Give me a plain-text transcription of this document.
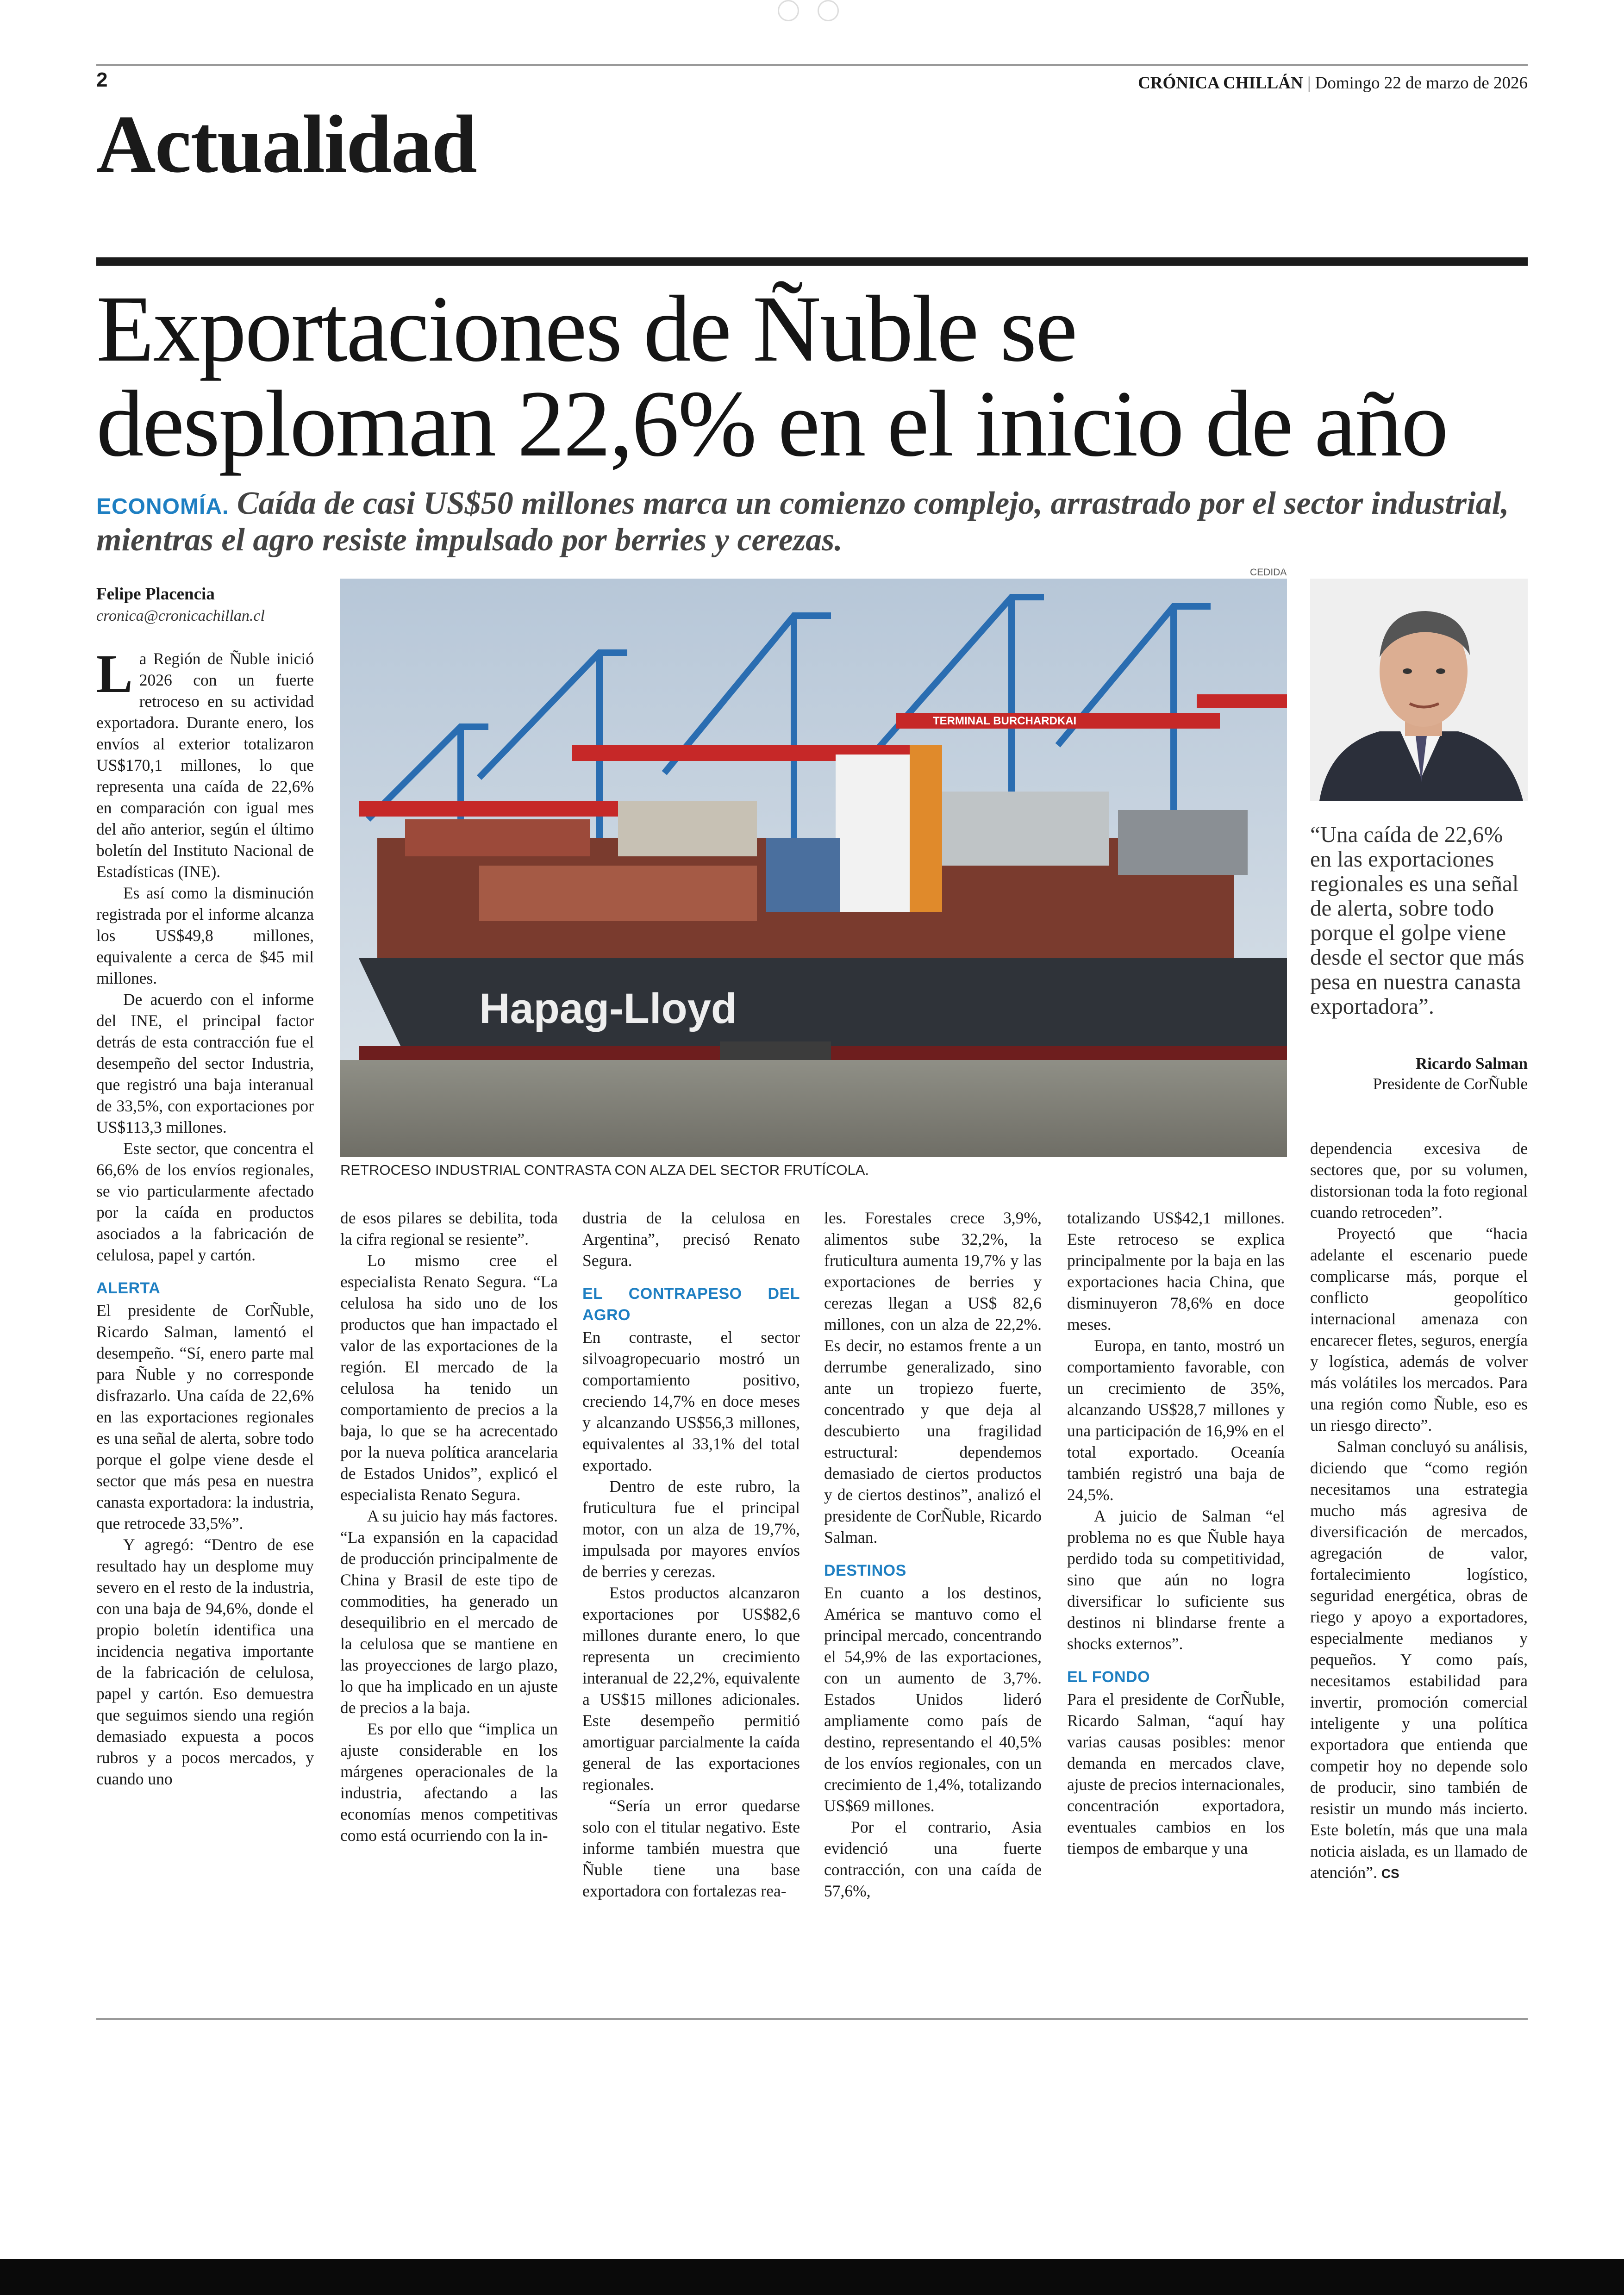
2	CRÓNICA CHILLÁN | Domingo 22 de marzo de 2026
Actualidad
Exportaciones de Ñuble se
desploman 22,6% en el inicio de año
ECONOMÍA. Caída de casi US$50 millones marca un comienzo complejo, arrastrado por el sector industrial, mientras el agro resiste impulsado por berries y cerezas.
Felipe Placencia
cronica@cronicachillan.cl
CEDIDA
TERMINAL BURCHARDKAI
Hapag-Lloyd
RETROCESO INDUSTRIAL CONTRASTA CON ALZA DEL SECTOR FRUTÍCOLA.
“Una caída de 22,6% en las exportaciones regionales es una señal de alerta, sobre todo porque el golpe viene desde el sector que más pesa en nuestra canasta exportadora”.
Ricardo Salman
Presidente de CorÑuble

La Región de Ñuble inició 2026 con un fuerte retroceso en su actividad exportadora. Durante enero, los envíos al exterior totalizaron US$170,1 millones, lo que representa una caída de 22,6% en comparación con igual mes del año anterior, según el último boletín del Instituto Nacional de Estadísticas (INE).

Es así como la disminución registrada por el informe alcanza los US$49,8 millones, equivalente a cerca de $45 mil millones.

De acuerdo con el informe del INE, el principal factor detrás de esta contracción fue el desempeño del sector Industria, que registró una baja interanual de 33,5%, con exportaciones por US$113,3 millones.

Este sector, que concentra el 66,6% de los envíos regionales, se vio particularmente afectado por la caída en productos asociados a la fabricación de celulosa, papel y cartón.

ALERTA

El presidente de CorÑuble, Ricardo Salman, lamentó el desempeño. “Sí, enero parte mal para Ñuble y no corresponde disfrazarlo. Una caída de 22,6% en las exportaciones regionales es una señal de alerta, sobre todo porque el golpe viene desde el sector que más pesa en nuestra canasta exportadora: la industria, que retrocede 33,5%”.

Y agregó: “Dentro de ese resultado hay un desplome muy severo en el resto de la industria, con una baja de 94,6%, donde el propio boletín identifica una incidencia negativa importante de la fabricación de celulosa, papel y cartón. Eso demuestra que seguimos siendo una región demasiado expuesta a pocos rubros y a pocos mercados, y cuando uno

de esos pilares se debilita, toda la cifra regional se resiente”.

Lo mismo cree el especialista Renato Segura. “La celulosa ha sido uno de los productos que han impactado el valor de las exportaciones de la región. El mercado de la celulosa ha tenido un comportamiento de precios a la baja, lo que se ha acrecentado por la nueva política arancelaria de Estados Unidos”, explicó el especialista Renato Segura.

A su juicio hay más factores. “La expansión en la capacidad de producción principalmente de China y Brasil de este tipo de commodities, ha generado un desequilibrio en el mercado de la celulosa que se mantiene en las proyecciones de largo plazo, lo que ha implicado en un ajuste de precios a la baja.

Es por ello que “implica un ajuste considerable en los márgenes operacionales de la industria, afectando a las economías menos competitivas como está ocurriendo con la in-

dustria de la celulosa en Argentina”, precisó Renato Segura.

EL CONTRAPESO DEL AGRO

En contraste, el sector silvoagropecuario mostró un comportamiento positivo, creciendo 14,7% en doce meses y alcanzando US$56,3 millones, equivalentes al 33,1% del total exportado.

Dentro de este rubro, la fruticultura fue el principal motor, con un alza de 19,7%, impulsada por mayores envíos de berries y cerezas.

Estos productos alcanzaron exportaciones por US$82,6 millones durante enero, lo que representa un crecimiento interanual de 22,2%, equivalente a US$15 millones adicionales. Este desempeño permitió amortiguar parcialmente la caída general de las exportaciones regionales.

“Sería un error quedarse solo con el titular negativo. Este informe también muestra que Ñuble tiene una base exportadora con fortalezas rea-

les. Forestales crece 3,9%, alimentos sube 32,2%, la fruticultura aumenta 19,7% y las exportaciones de berries y cerezas llegan a US$ 82,6 millones, con un alza de 22,2%. Es decir, no estamos frente a un derrumbe generalizado, sino ante un tropiezo fuerte, concentrado y que deja al descubierto una fragilidad estructural: dependemos demasiado de ciertos productos y de ciertos destinos”, analizó el presidente de CorÑuble, Ricardo Salman.

DESTINOS

En cuanto a los destinos, América se mantuvo como el principal mercado, concentrando el 54,9% de las exportaciones, con un aumento de 3,7%. Estados Unidos lideró ampliamente como país de destino, representando el 40,5% de los envíos regionales, con un crecimiento de 1,4%, totalizando US$69 millones.

Por el contrario, Asia evidenció una fuerte contracción, con una caída de 57,6%,

totalizando US$42,1 millones. Este retroceso se explica principalmente por la baja en las exportaciones hacia China, que disminuyeron 78,6% en doce meses.

Europa, en tanto, mostró un comportamiento favorable, con un crecimiento de 35%, alcanzando US$28,7 millones y una participación de 16,9% en el total exportado. Oceanía también registró una baja de 24,5%.

A juicio de Salman “el problema no es que Ñuble haya perdido toda su competitividad, sino que aún no logra diversificar lo suficiente sus destinos ni blindarse frente a shocks externos”.

EL FONDO

Para el presidente de CorÑuble, Ricardo Salman, “aquí hay varias causas posibles: menor demanda en mercados clave, ajuste de precios internacionales, concentración exportadora, eventuales cambios en los tiempos de embarque y una

dependencia excesiva de sectores que, por su volumen, distorsionan toda la foto regional cuando retroceden”.

Proyectó que “hacia adelante el escenario puede complicarse más, porque el conflicto geopolítico internacional amenaza con encarecer fletes, seguros, energía y logística, además de volver más volátiles los mercados. Para una región como Ñuble, eso es un riesgo directo”.

Salman concluyó su análisis, diciendo que “como región necesitamos una estrategia mucho más agresiva de diversificación de mercados, agregación de valor, fortalecimiento logístico, seguridad energética, obras de riego y apoyo a exportadores, especialmente medianos y pequeños. Y como país, necesitamos estabilidad para invertir, promoción comercial inteligente y una política exportadora que entienda que competir hoy no depende solo de producir, sino también de resistir un mundo más incierto. Este boletín, más que una mala noticia aislada, es un llamado de atención”. CS
